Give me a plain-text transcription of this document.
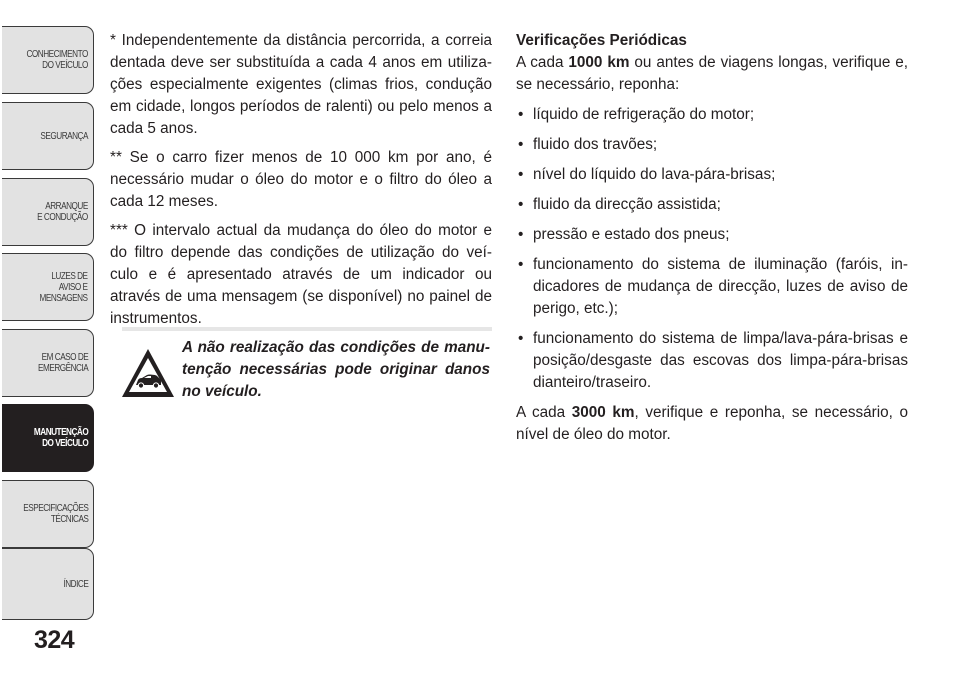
CONHECIMENTO
DO VEÍCULO
SEGURANÇA
ARRANQUE
E CONDUÇÃO
LUZES DE
AVISO E
MENSAGENS
EM CASO DE
EMERGÊNCIA
MANUTENÇÃO
DO VEÍCULO
ESPECIFICAÇÕES
TÉCNICAS
ÍNDICE
324

* Independentemente da distância percorrida, a correia dentada deve ser substituída a cada 4 anos em utiliza-ções especialmente exigentes (climas frios, condução em cidade, longos períodos de ralenti) ou pelo menos a cada 5 anos.

** Se o carro fizer menos de 10 000 km por ano, é necessário mudar o óleo do motor e o filtro do óleo a cada 12 meses.

*** O intervalo actual da mudança do óleo do motor e do filtro depende das condições de utilização do veí-culo e é apresentado através de um indicador ou através de uma mensagem (se disponível) no painel de instrumentos.

A não realização das condições de manu-tenção necessárias pode originar danos no veículo.

Verificações Periódicas

A cada 1000 km ou antes de viagens longas, verifique e, se necessário, reponha:

• líquido de refrigeração do motor;
• fluido dos travões;
• nível do líquido do lava-pára-brisas;
• fluido da direcção assistida;
• pressão e estado dos pneus;
• funcionamento do sistema de iluminação (faróis, in-dicadores de mudança de direcção, luzes de aviso de perigo, etc.);
• funcionamento do sistema de limpa/lava-pára-brisas e posição/desgaste das escovas dos limpa-pára-brisas dianteiro/traseiro.

A cada 3000 km, verifique e reponha, se necessário, o nível de óleo do motor.
